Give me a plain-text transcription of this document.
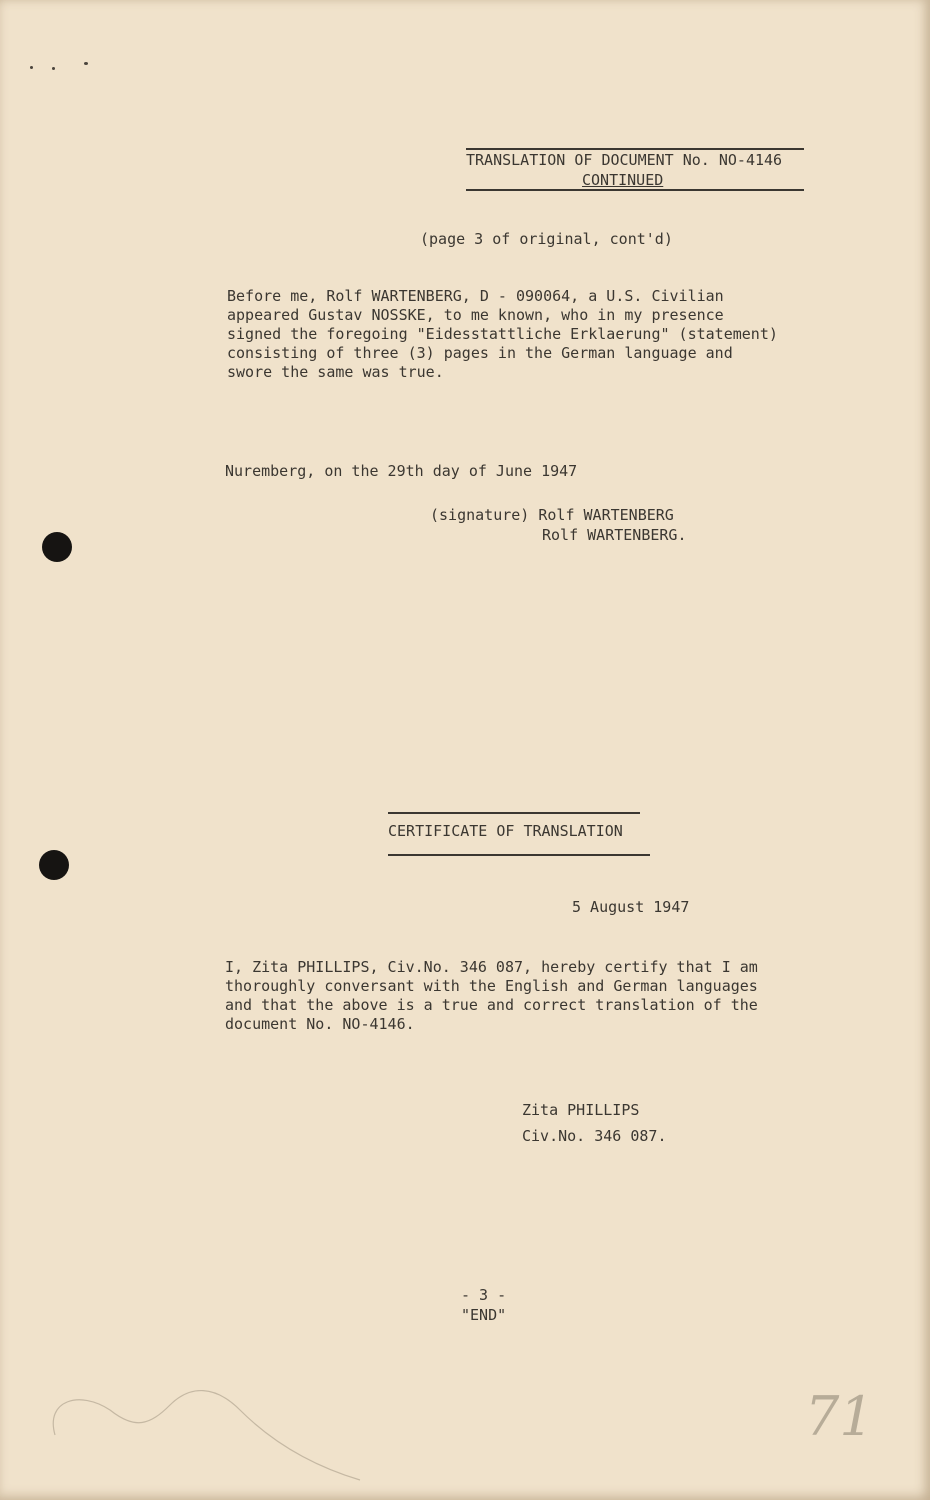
TRANSLATION OF DOCUMENT No. NO-4146
CONTINUED
(page 3 of original, cont'd)
Before me, Rolf WARTENBERG, D - 090064, a U.S. Civilian
appeared Gustav NOSSKE, to me known, who in my presence
signed the foregoing "Eidesstattliche Erklaerung" (statement)
consisting of three (3) pages in the German language and
swore the same was true.
Nuremberg, on the 29th day of June 1947
(signature) Rolf WARTENBERG
Rolf WARTENBERG.
CERTIFICATE OF TRANSLATION
5 August 1947
I, Zita PHILLIPS, Civ.No. 346 087, hereby certify that I am
thoroughly conversant with the English and German languages
and that the above is a true and correct translation of the
document No. NO-4146.
Zita PHILLIPS
Civ.No. 346 087.
- 3 -
"END"
71
